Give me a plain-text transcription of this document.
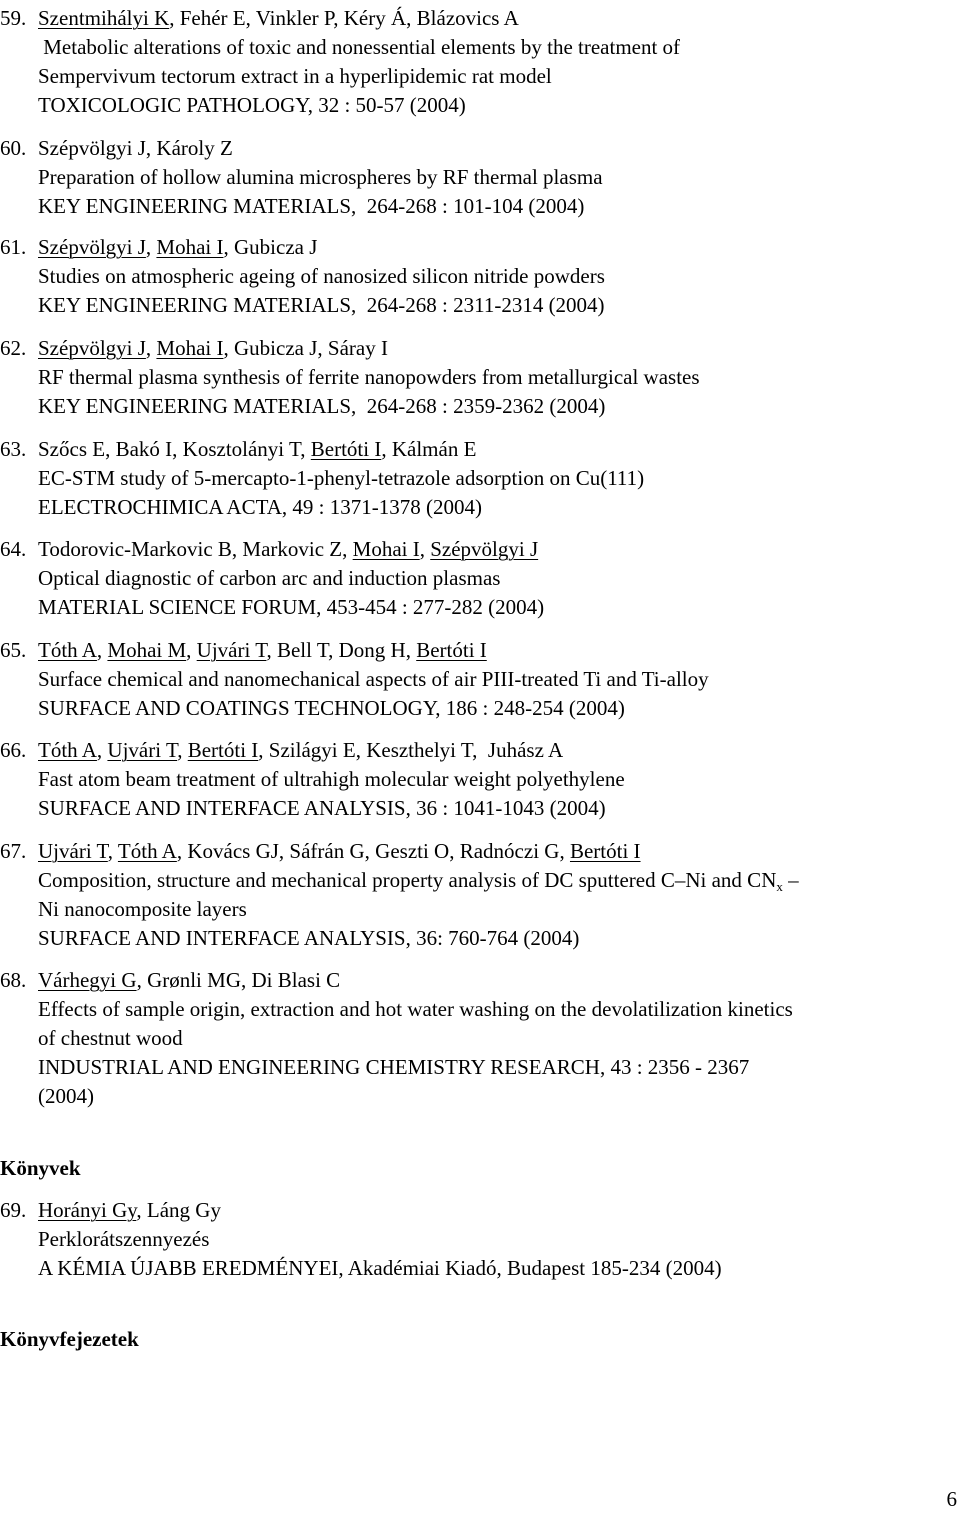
59. Szentmihályi K, Fehér E, Vinkler P, Kéry Á, Blázovics A
Metabolic alterations of toxic and nonessential elements by the treatment of
Sempervivum tectorum extract in a hyperlipidemic rat model
TOXICOLOGIC PATHOLOGY, 32 : 50-57 (2004)
60. Szépvölgyi J, Károly Z
Preparation of hollow alumina microspheres by RF thermal plasma
KEY ENGINEERING MATERIALS,  264-268 : 101-104 (2004)
61. Szépvölgyi J, Mohai I, Gubicza J
Studies on atmospheric ageing of nanosized silicon nitride powders
KEY ENGINEERING MATERIALS,  264-268 : 2311-2314 (2004)
62. Szépvölgyi J, Mohai I, Gubicza J, Sáray I
RF thermal plasma synthesis of ferrite nanopowders from metallurgical wastes
KEY ENGINEERING MATERIALS,  264-268 : 2359-2362 (2004)
63. Szőcs E, Bakó I, Kosztolányi T, Bertóti I, Kálmán E
EC-STM study of 5-mercapto-1-phenyl-tetrazole adsorption on Cu(111)
ELECTROCHIMICA ACTA, 49 : 1371-1378 (2004)
64. Todorovic-Markovic B, Markovic Z, Mohai I, Szépvölgyi J
Optical diagnostic of carbon arc and induction plasmas
MATERIAL SCIENCE FORUM, 453-454 : 277-282 (2004)
65. Tóth A, Mohai M, Ujvári T, Bell T, Dong H, Bertóti I
Surface chemical and nanomechanical aspects of air PIII-treated Ti and Ti-alloy
SURFACE AND COATINGS TECHNOLOGY, 186 : 248-254 (2004)
66. Tóth A, Ujvári T, Bertóti I, Szilágyi E, Keszthelyi T,  Juhász A
Fast atom beam treatment of ultrahigh molecular weight polyethylene
SURFACE AND INTERFACE ANALYSIS, 36 : 1041-1043 (2004)
67. Ujvári T, Tóth A, Kovács GJ, Sáfrán G, Geszti O, Radnóczi G, Bertóti I
Composition, structure and mechanical property analysis of DC sputtered C–Ni and $CN_x$ –
Ni nanocomposite layers
SURFACE AND INTERFACE ANALYSIS, 36: 760-764 (2004)
68. Várhegyi G, Grønli MG, Di Blasi C
Effects of sample origin, extraction and hot water washing on the devolatilization kinetics
of chestnut wood
INDUSTRIAL AND ENGINEERING CHEMISTRY RESEARCH, 43 : 2356 - 2367
(2004)
Könyvek
69. Horányi Gy, Láng Gy
Perklorátszennyezés
A KÉMIA ÚJABB EREDMÉNYEI, Akadémiai Kiadó, Budapest 185-234 (2004)
Könyvfejezetek
6
